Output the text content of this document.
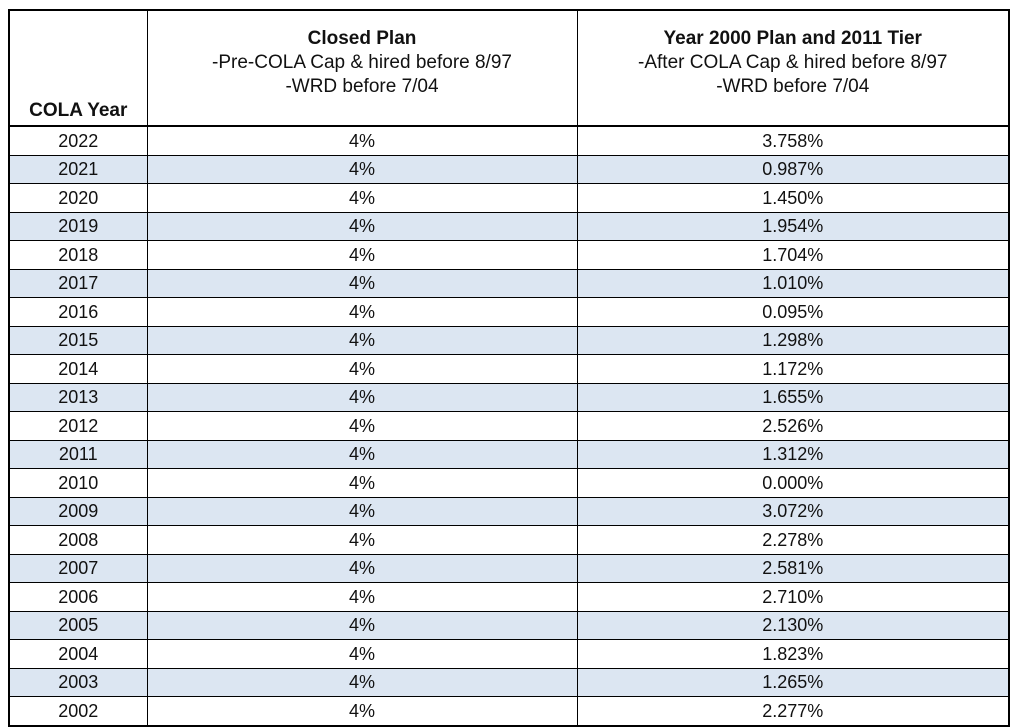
COLA Year	Closed Plan
-Pre-COLA Cap & hired before 8/97
-WRD before 7/04	Year 2000 Plan and 2011 Tier
-After COLA Cap & hired before 8/97
-WRD before 7/04

2022	4%	3.758%
2021	4%	0.987%
2020	4%	1.450%
2019	4%	1.954%
2018	4%	1.704%
2017	4%	1.010%
2016	4%	0.095%
2015	4%	1.298%
2014	4%	1.172%
2013	4%	1.655%
2012	4%	2.526%
2011	4%	1.312%
2010	4%	0.000%
2009	4%	3.072%
2008	4%	2.278%
2007	4%	2.581%
2006	4%	2.710%
2005	4%	2.130%
2004	4%	1.823%
2003	4%	1.265%
2002	4%	2.277%
